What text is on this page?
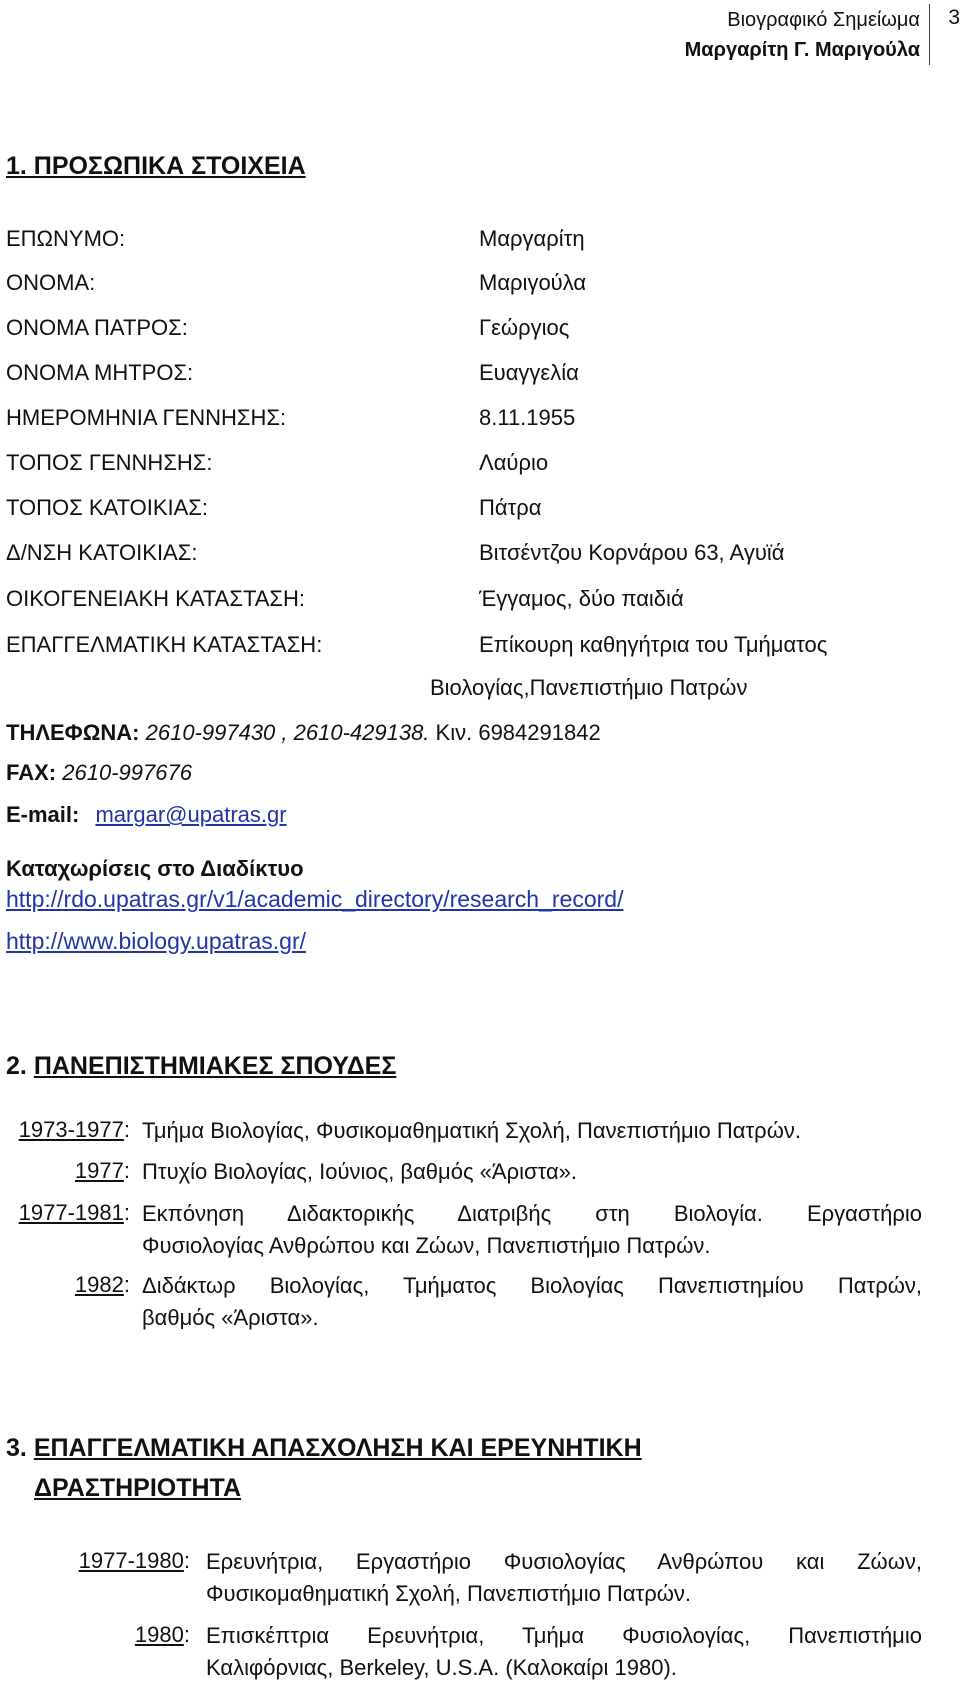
Βιογραφικό Σημείωμα
Μαργαρίτη Γ. Μαριγούλα
3
1. ΠΡΟΣΩΠΙΚΑ ΣΤΟΙΧΕΙΑ
ΕΠΩΝΥΜΟ:	Μαργαρίτη
ΟΝΟΜΑ:	Μαριγούλα
ΟΝΟΜΑ ΠΑΤΡΟΣ:	Γεώργιος
ΟΝΟΜΑ ΜΗΤΡΟΣ:	Ευαγγελία
ΗΜΕΡΟΜΗΝΙΑ ΓΕΝΝΗΣΗΣ:	8.11.1955
ΤΟΠΟΣ ΓΕΝΝΗΣΗΣ:	Λαύριο
ΤΟΠΟΣ ΚΑΤΟΙΚΙΑΣ:	Πάτρα
Δ/ΝΣΗ ΚΑΤΟΙΚΙΑΣ:	Βιτσέντζου Κορνάρου 63, Αγυϊά
ΟΙΚΟΓΕΝΕΙΑΚΗ ΚΑΤΑΣΤΑΣΗ:	Έγγαμος, δύο παιδιά
ΕΠΑΓΓΕΛΜΑΤΙΚΗ ΚΑΤΑΣΤΑΣΗ:	Επίκουρη καθηγήτρια του Τμήματος
Βιολογίας,Πανεπιστήμιο Πατρών
ΤΗΛΕΦΩΝΑ: 2610-997430 , 2610-429138. Κιν. 6984291842
FAX: 2610-997676
E-mail: margar@upatras.gr
Καταχωρίσεις στο Διαδίκτυο
http://rdo.upatras.gr/v1/academic_directory/research_record/
http://www.biology.upatras.gr/
2. ΠΑΝΕΠΙΣΤΗΜΙΑΚΕΣ ΣΠΟΥΔΕΣ
1973-1977: Τμήμα Βιολογίας, Φυσικομαθηματική Σχολή, Πανεπιστήμιο Πατρών.
1977: Πτυχίο Βιολογίας, Ιούνιος, βαθμός «Άριστα».
1977-1981: Εκπόνηση Διδακτορικής Διατριβής στη Βιολογία. Εργαστήριο
Φυσιολογίας Ανθρώπου και Ζώων, Πανεπιστήμιο Πατρών.
1982: Διδάκτωρ Βιολογίας, Τμήματος Βιολογίας Πανεπιστημίου Πατρών,
βαθμός «Άριστα».
3. ΕΠΑΓΓΕΛΜΑΤΙΚΗ ΑΠΑΣΧΟΛΗΣΗ ΚΑΙ ΕΡΕΥΝΗΤΙΚΗ
ΔΡΑΣΤΗΡΙΟΤΗΤΑ
1977-1980: Ερευνήτρια, Εργαστήριο Φυσιολογίας Ανθρώπου και Ζώων,
Φυσικομαθηματική Σχολή, Πανεπιστήμιο Πατρών.
1980: Επισκέπτρια Ερευνήτρια, Τμήμα Φυσιολογίας, Πανεπιστήμιο
Καλιφόρνιας, Berkeley, U.S.A. (Καλοκαίρι 1980).
